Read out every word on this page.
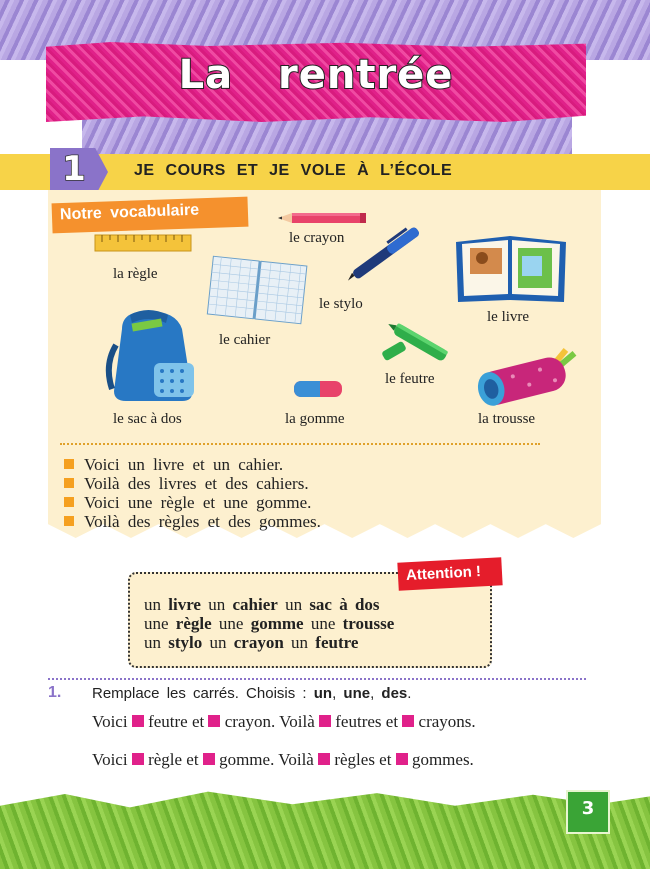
La rentrée
1	JE COURS ET JE VOLE À L’ÉCOLE
Notre vocabulaire
le crayon
la règle
le stylo
le cahier
le livre
le feutre
le sac à dos	la gomme	la trousse
Voici un livre et un cahier.
Voilà des livres et des cahiers.
Voici une règle et une gomme.
Voilà des règles et des gommes.
Attention !
un livre un cahier un sac à dos
une règle une gomme une trousse
un stylo un crayon un feutre
1. Remplace les carrés. Choisis : un, une, des.
Voici feutre et crayon. Voilà feutres et crayons.
Voici règle et gomme. Voilà règles et gommes.
3
